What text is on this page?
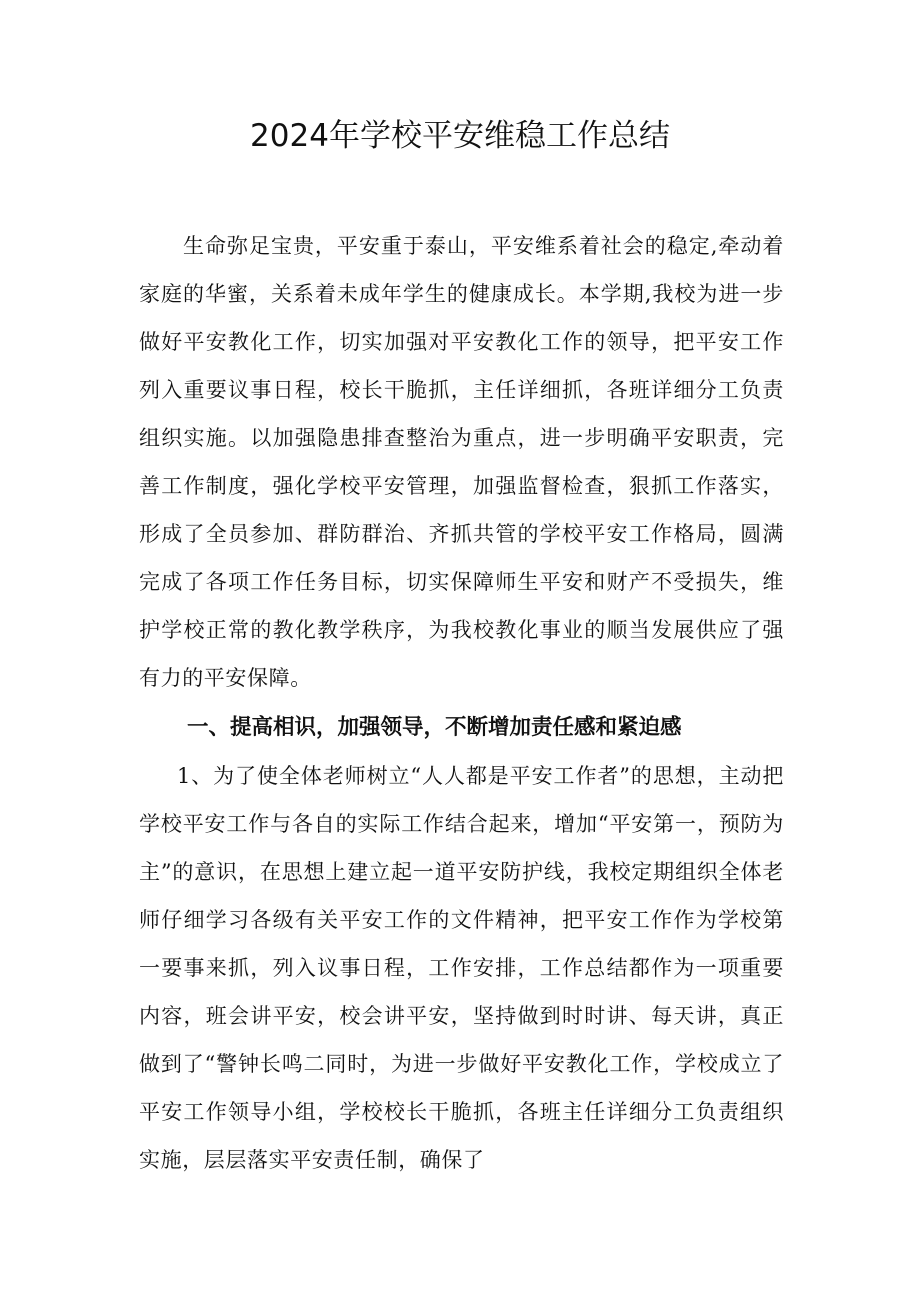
2024年学校平安维稳工作总结

生命弥足宝贵，平安重于泰山，平安维系着社会的稳定,牵动着家庭的华蜜，关系着未成年学生的健康成长。本学期,我校为进一步做好平安教化工作，切实加强对平安教化工作的领导，把平安工作列入重要议事日程，校长干脆抓，主任详细抓，各班详细分工负责组织实施。以加强隐患排查整治为重点，进一步明确平安职责，完善工作制度，强化学校平安管理，加强监督检查，狠抓工作落实，形成了全员参加、群防群治、齐抓共管的学校平安工作格局，圆满完成了各项工作任务目标，切实保障师生平安和财产不受损失，维护学校正常的教化教学秩序，为我校教化事业的顺当发展供应了强有力的平安保障。

一、提高相识，加强领导，不断增加责任感和紧迫感

1、为了使全体老师树立“人人都是平安工作者”的思想，主动把学校平安工作与各自的实际工作结合起来，增加“平安第一，预防为主”的意识，在思想上建立起一道平安防护线，我校定期组织全体老师仔细学习各级有关平安工作的文件精神，把平安工作作为学校第一要事来抓，列入议事日程，工作安排，工作总结都作为一项重要内容，班会讲平安，校会讲平安，坚持做到时时讲、每天讲，真正做到了“警钟长鸣二同时，为进一步做好平安教化工作，学校成立了平安工作领导小组，学校校长干脆抓，各班主任详细分工负责组织实施，层层落实平安责任制，确保了
